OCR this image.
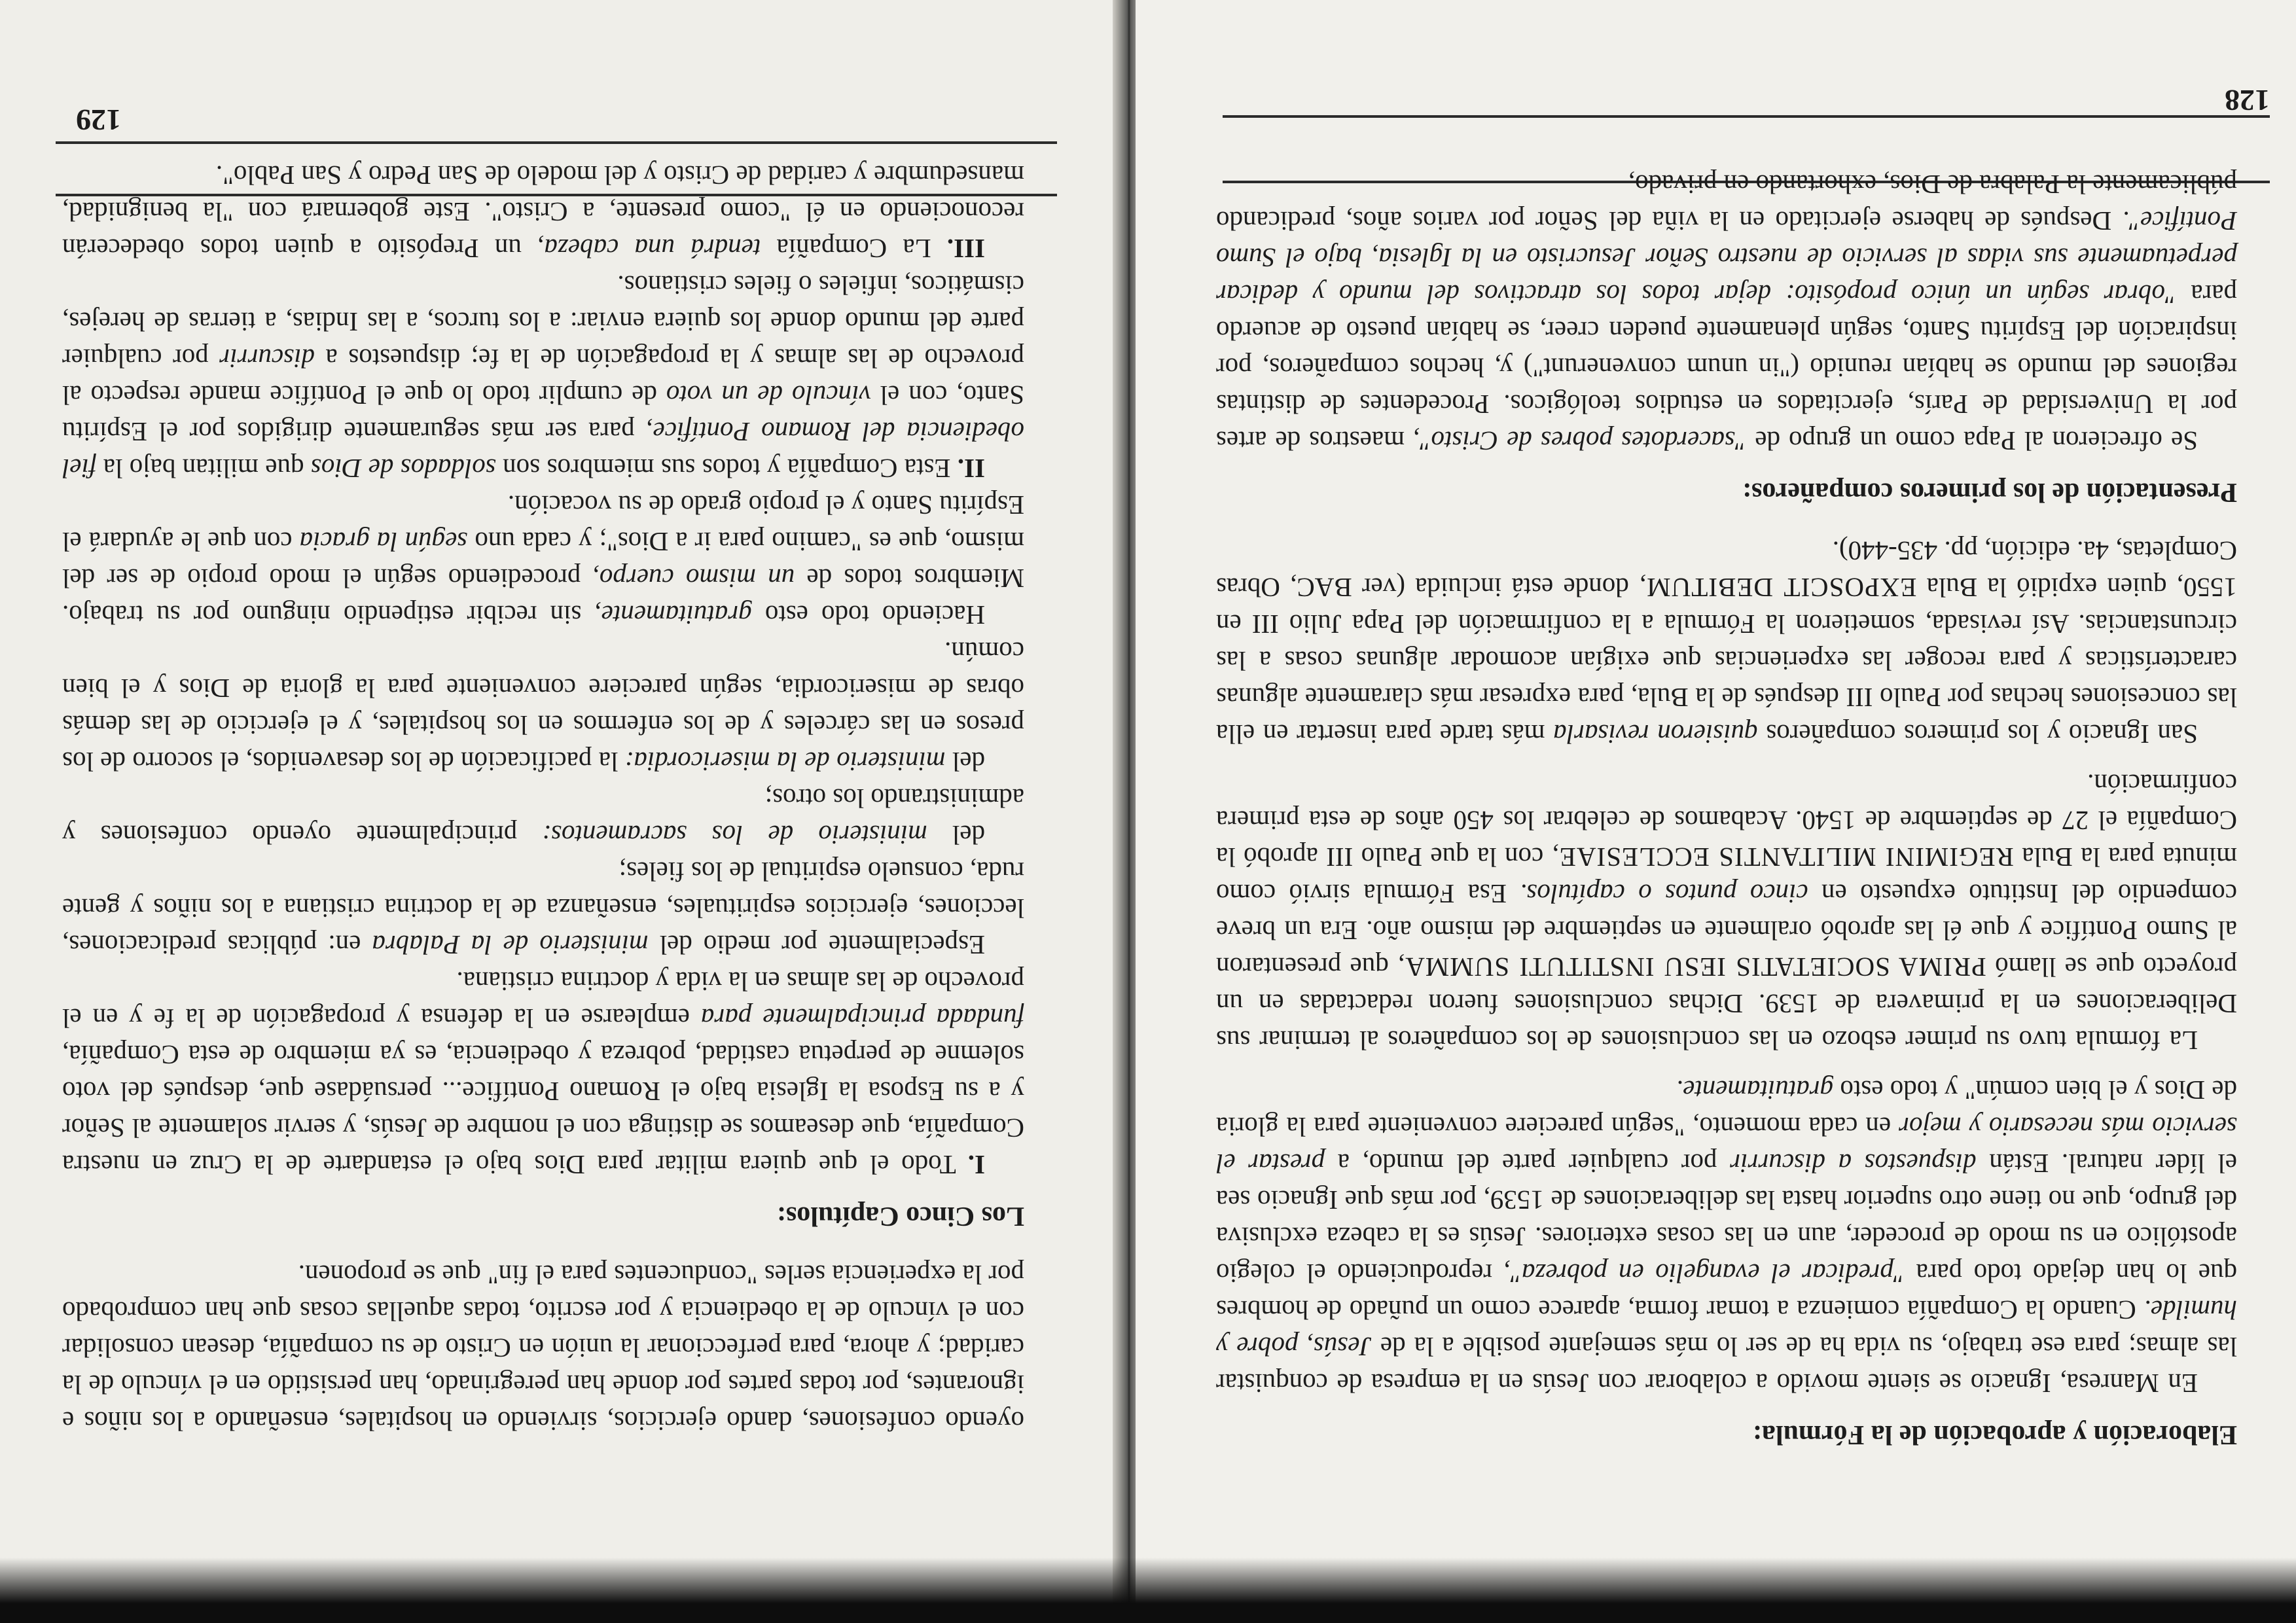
129

oyendo confesiones, dando ejercicios, sirviendo en hospitales, enseñando a los niños e ignorantes, por todas partes por donde han peregrinado, han persistido en el vínculo de la caridad; y ahora, para perfeccionar la unión en Cristo de su compañía, desean consolidar con el vínculo de la obediencia y por escrito, todas aquellas cosas que han comprobado por la experiencia serles "conducentes para el fin" que se proponen.

Los Cinco Capítulos:

I. Todo el que quiera militar para Dios bajo el estandarte de la Cruz en nuestra Compañía, que deseamos se distinga con el nombre de Jesús, y servir solamente al Señor y a su Esposa la Iglesia bajo el Romano Pontífice... persuádase que, después del voto solemne de perpetua castidad, pobreza y obediencia, es ya miembro de esta Compañía, fundada principalmente para emplearse en la defensa y propagación de la fe y en el provecho de las almas en la vida y doctrina cristiana.

Especialmente por medio del ministerio de la Palabra en: públicas predicaciones, lecciones, ejercicios espirituales, enseñanza de la doctrina cristiana a los niños y gente ruda, consuelo espiritual de los fieles;

del ministerio de los sacramentos: principalmente oyendo confesiones y administrando los otros;

del ministerio de la misericordia: la pacificación de los desavenidos, el socorro de los presos en las cárceles y de los enfermos en los hospitales, y el ejercicio de las demás obras de misericordia, según pareciere conveniente para la gloria de Dios y el bien común.

Haciendo todo esto gratuitamente, sin recibir estipendio ninguno por su trabajo. Miembros todos de un mismo cuerpo, procediendo según el modo propio de ser del mismo, que es "camino para ir a Dios"; y cada uno según la gracia con que le ayudará el Espíritu Santo y el propio grado de su vocación.

II. Esta Compañía y todos sus miembros son soldados de Dios que militan bajo la fiel obediencia del Romano Pontífice, para ser más seguramente dirigidos por el Espíritu Santo, con el vínculo de un voto de cumplir todo lo que el Pontífice mande respecto al provecho de las almas y la propagación de la fe; dispuestos a discurrir por cualquier parte del mundo donde los quiera enviar: a los turcos, a las Indias, a tierras de herejes, cismáticos, infieles o fieles cristianos.

III. La Compañía tendrá una cabeza, un Prepósito a quien todos obedecerán reconociendo en él "como presente, a Cristo". Este gobernará con "la benignidad, mansedumbre y caridad de Cristo y del modelo de San Pedro y San Pablo".

128
Elaboración y aprobación de la Fórmula:

En Manresa, Ignacio se siente movido a colaborar con Jesús en la empresa de conquistar las almas; para ese trabajo, su vida ha de ser lo más semejante posible a la de Jesús, pobre y humilde. Cuando la Compañía comienza a tomar forma, aparece como un puñado de hombres que lo han dejado todo para "predicar el evangelio en pobreza", reproduciendo el colegio apostólico en su modo de proceder, aun en las cosas exteriores. Jesús es la cabeza exclusiva del grupo, que no tiene otro superior hasta las deliberaciones de 1539, por más que Ignacio sea el líder natural. Están dispuestos a discurrir por cualquier parte del mundo, a prestar el servicio más necesario y mejor en cada momento, "según pareciere conveniente para la gloria de Dios y el bien común" y todo esto gratuitamente.

La fórmula tuvo su primer esbozo en las conclusiones de los compañeros al terminar sus Deliberaciones en la primavera de 1539. Dichas conclusiones fueron redactadas en un proyecto que se llamó PRIMA SOCIETATIS IESU INSTITUTI SUMMA, que presentaron al Sumo Pontífice y que él las aprobó oralmente en septiembre del mismo año. Era un breve compendio del Instituto expuesto en cinco puntos o capítulos. Esa Fórmula sirvió como minuta para la Bula REGIMINI MILITANTIS ECCLESIAE, con la que Paulo III aprobó la Compañía el 27 de septiembre de 1540. Acabamos de celebrar los 450 años de esta primera confirmación.

San Ignacio y los primeros compañeros quisieron revisarla más tarde para insertar en ella las concesiones hechas por Paulo III después de la Bula, para expresar más claramente algunas características y para recoger las experiencias que exigían acomodar algunas cosas a las circunstancias. Así revisada, sometieron la Fórmula a la confirmación del Papa Julio III en 1550, quien expidió la Bula EXPOSCIT DEBITUM, donde está incluida (ver BAC, Obras Completas, 4a. edición, pp. 435-440).

Presentación de los primeros compañeros:

Se ofrecieron al Papa como un grupo de "sacerdotes pobres de Cristo", maestros de artes por la Universidad de París, ejercitados en estudios teológicos. Procedentes de distintas regiones del mundo se habían reunido ("in unum convenerunt") y, hechos compañeros, por inspiración del Espíritu Santo, según plenamente pueden creer, se habían puesto de acuerdo para "obrar según un único propósito: dejar todos los atractivos del mundo y dedicar perpetuamente sus vidas al servicio de nuestro Señor Jesucristo en la Iglesia, bajo el Sumo Pontífice". Después de haberse ejercitado en la viña del Señor por varios años, predicando públicamente la Palabra de Dios, exhortando en privado,
